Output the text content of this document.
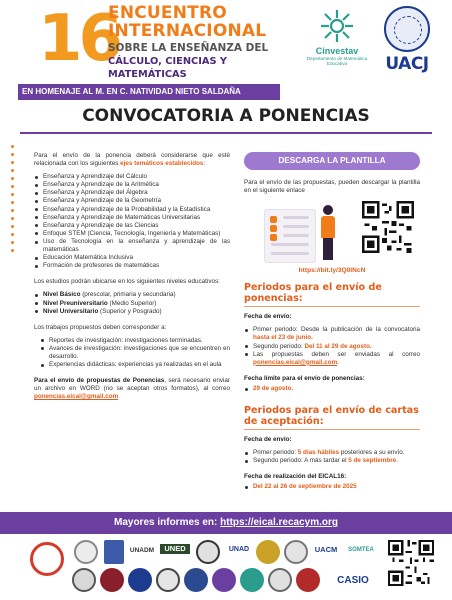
16
ENCUENTRO
INTERNACIONAL
SOBRE LA ENSEÑANZA DEL
CÁLCULO, CIENCIAS Y MATEMÁTICAS
Cinvestav
Departamento de Matemática Educativa	UACJ
EN HOMENAJE AL M. EN C. NATIVIDAD NIETO SALDAÑA
CONVOCATORIA A PONENCIAS

Para el envío de la ponencia deberá considerarse que esté relacionada con los siguientes ejes temáticos establecidos:

Enseñanza y Aprendizaje del Cálculo
Enseñanza y Aprendizaje de la Aritmética
Enseñanza y Aprendizaje del Álgebra
Enseñanza y Aprendizaje de la Geometría
Enseñanza y Aprendizaje de la Probabilidad y la Estadística
Enseñanza y Aprendizaje de Matemáticas Universitarias
Enseñanza y Aprendizaje de las Ciencias
Enfoque STEM (Ciencia, Tecnología, Ingeniería y Matemáticas)
Uso de Tecnología en la enseñanza y aprendizaje de las matemáticas
Educación Matemática Inclusiva
Formación de profesores de matemáticas

Los estudios podrán ubicarse en los siguientes niveles educativos:

Nivel Básico (prescolar, primaria y secundaria)
Nivel Preuniversitario (Medio Superior)
Nivel Universitario (Superior y Posgrado)

Los trabajos propuestos deben corresponder a:

Reportes de investigación: investigaciones terminadas.
Avances de investigación: investigaciones que se encuentren en desarrollo.
Experiencias didácticas: experiencias ya realizadas en el aula

Para el envío de propuestas de Ponencias, será necesario enviar un archivo en WORD (no se aceptan otros formatos), al correo ponencias.eical@gmail.com

DESCARGA LA PLANTILLA

Para el envío de las propuestas, pueden descargar la plantilla en el siguiente enlace

https://bit.ly/3Q0INcN
Periodos para el envío de ponencias:
Fecha de envío:
Primer periodo: Desde la publicación de la convocatoria hasta el 23 de junio.
Segundo periodo: Del 11 al 29 de agosto.
Las propuestas deben ser enviadas al correo ponencias.eical@gmail.com.
Fecha límite para el envío de ponencias:
29 de agosto.
Periodos para el envío de cartas de aceptación:
Fecha de envío:
Primer periodo: 5 días hábiles posteriores a su envío.
Segundo periodo: A más tardar el 5 de septiembre.
Fecha de realización del EICAL16:
Del 22 al 26 de septiembre de 2025
Mayores informes en: https://eical.recacym.org
UNADM	UNED	UNAD	UACM	SOMTEA
CASIO
